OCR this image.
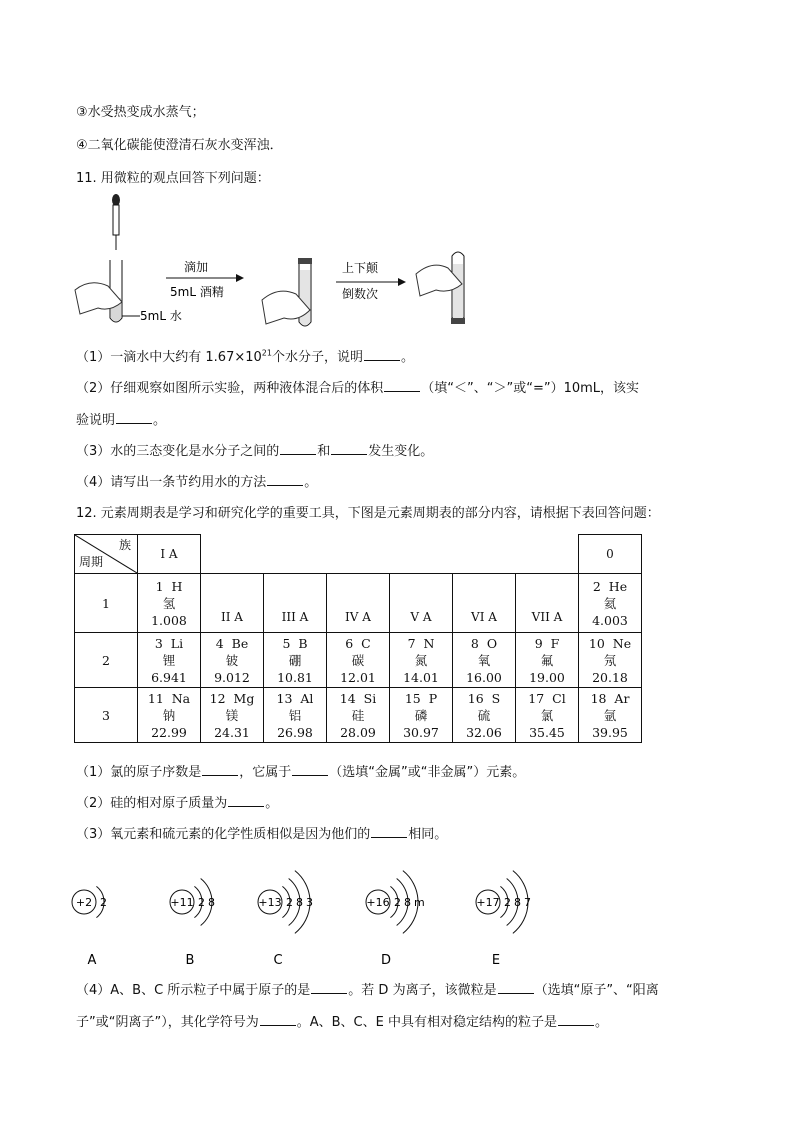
③水受热变成水蒸气；
④二氧化碳能使澄清石灰水变浑浊．
11. 用微粒的观点回答下列问题：
5mL 水
滴加
5mL 酒精
上下颠
倒数次
（1）一滴水中大约有 $1.67\times 10^{21}$个水分子，说明	。
（2）仔细观察如图所示实验，两种液体混合后的体积	（填“＜”、“＞”或“=”）10mL，该实
验说明	。
（3）水的三态变化是水分子之间的	和	发生变化。
（4）请写出一条节约用水的方法	。
12. 元素周期表是学习和研究化学的重要工具，下图是元素周期表的部分内容，请根据下表回答问题：
族
周期	I A							0
1	1 H
氢
1.008	II A	III A	IV A	V A	VI A	VII A	2 He
氦
4.003
2	3 Li
锂
6.941	4 Be
铍
9.012	5 B
硼
10.81	6 C
碳
12.01	7 N
氮
14.01	8 O
氧
16.00	9 F
氟
19.00	10 Ne
氖
20.18
3	11 Na
钠
22.99	12 Mg
镁
24.31	13 Al
铝
26.98	14 Si
硅
28.09	15 P
磷
30.97	16 S
硫
32.06	17 Cl
氯
35.45	18 Ar
氩
39.95
（1）氯的原子序数是	，它属于	（选填“金属”或“非金属”）元素。
（2）硅的相对原子质量为	。
（3）氧元素和硫元素的化学性质相似是因为他们的	相同。
+2 2
A
+11 2 8
B
+13 2 8 3
C
+16 2 8 m
D
+17 2 8 7
E
（4）A、B、C 所示粒子中属于原子的是	。若 D 为离子，该微粒是	（选填“原子”、“阳离
子”或“阴离子”），其化学符号为	。A、B、C、E 中具有相对稳定结构的粒子是	。
